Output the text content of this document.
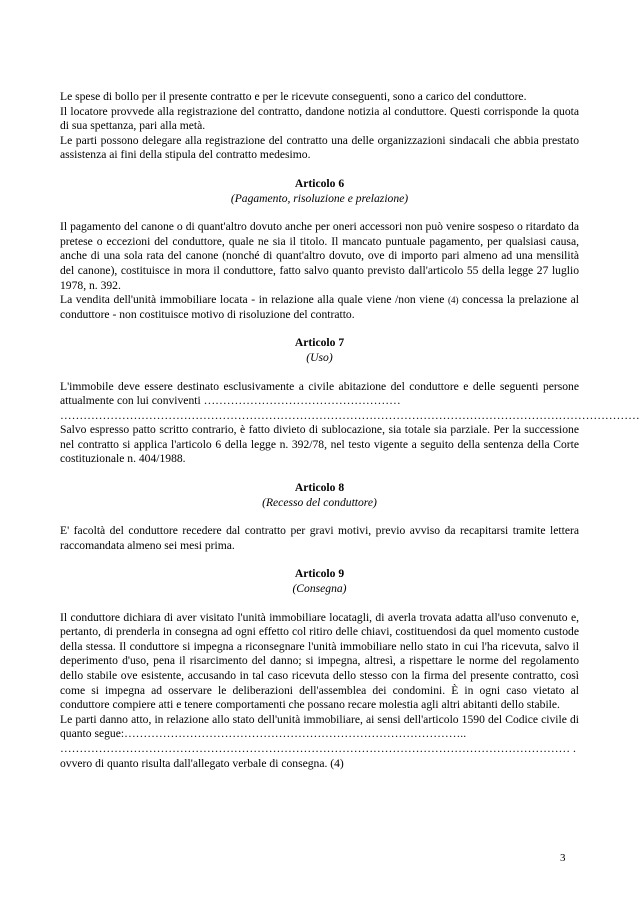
Le spese di bollo per il presente contratto e per le ricevute conseguenti, sono a carico del conduttore.

Il locatore provvede alla registrazione del contratto, dandone notizia al conduttore. Questi corrisponde la quota di sua spettanza, pari alla metà.

Le parti possono delegare alla registrazione del contratto una delle organizzazioni sindacali che abbia prestato assistenza ai fini della stipula del contratto medesimo.

Articolo 6
(Pagamento, risoluzione e prelazione)

Il pagamento del canone o di quant'altro dovuto anche per oneri accessori non può venire sospeso o ritardato da pretese o eccezioni del conduttore, quale ne sia il titolo. Il mancato puntuale pagamento, per qualsiasi causa, anche di una sola rata del canone (nonché di quant'altro dovuto, ove di importo pari almeno ad una mensilità del canone), costituisce in mora il conduttore, fatto salvo quanto previsto dall'articolo 55 della legge 27 luglio 1978, n. 392.

La vendita dell'unità immobiliare locata - in relazione alla quale viene /non viene (4) concessa la prelazione al conduttore - non costituisce motivo di risoluzione del contratto.

Articolo 7
(Uso)

L'immobile deve essere destinato esclusivamente a civile abitazione del conduttore e delle seguenti persone attualmente con lui conviventi ……………………………………………

……………………………………………………………………………………………………………………………………

Salvo espresso patto scritto contrario, è fatto divieto di sublocazione, sia totale sia parziale. Per la successione nel contratto si applica l'articolo 6 della legge n. 392/78, nel testo vigente a seguito della sentenza della Corte costituzionale n. 404/1988.

Articolo 8
(Recesso del conduttore)

E' facoltà del conduttore recedere dal contratto per gravi motivi, previo avviso da recapitarsi tramite lettera raccomandata almeno sei mesi prima.

Articolo 9
(Consegna)

Il conduttore dichiara di aver visitato l'unità immobiliare locatagli, di averla trovata adatta all'uso convenuto e, pertanto, di prenderla in consegna ad ogni effetto col ritiro delle chiavi, costituendosi da quel momento custode della stessa. Il conduttore si impegna a riconsegnare l'unità immobiliare nello stato in cui l'ha ricevuta, salvo il deperimento d'uso, pena il risarcimento del danno; si impegna, altresì, a rispettare le norme del regolamento dello stabile ove esistente, accusando in tal caso ricevuta dello stesso con la firma del presente contratto, così come si impegna ad osservare le deliberazioni dell'assemblea dei condomini. È in ogni caso vietato al conduttore compiere atti e tenere comportamenti che possano recare molestia agli altri abitanti dello stabile.

Le parti danno atto, in relazione allo stato dell'unità immobiliare, ai sensi dell'articolo 1590 del Codice civile di quanto segue:……………………………………………………………………………..

…………………………………………………………………………………………………………………… .

ovvero di quanto risulta dall'allegato verbale di consegna. (4)

3
